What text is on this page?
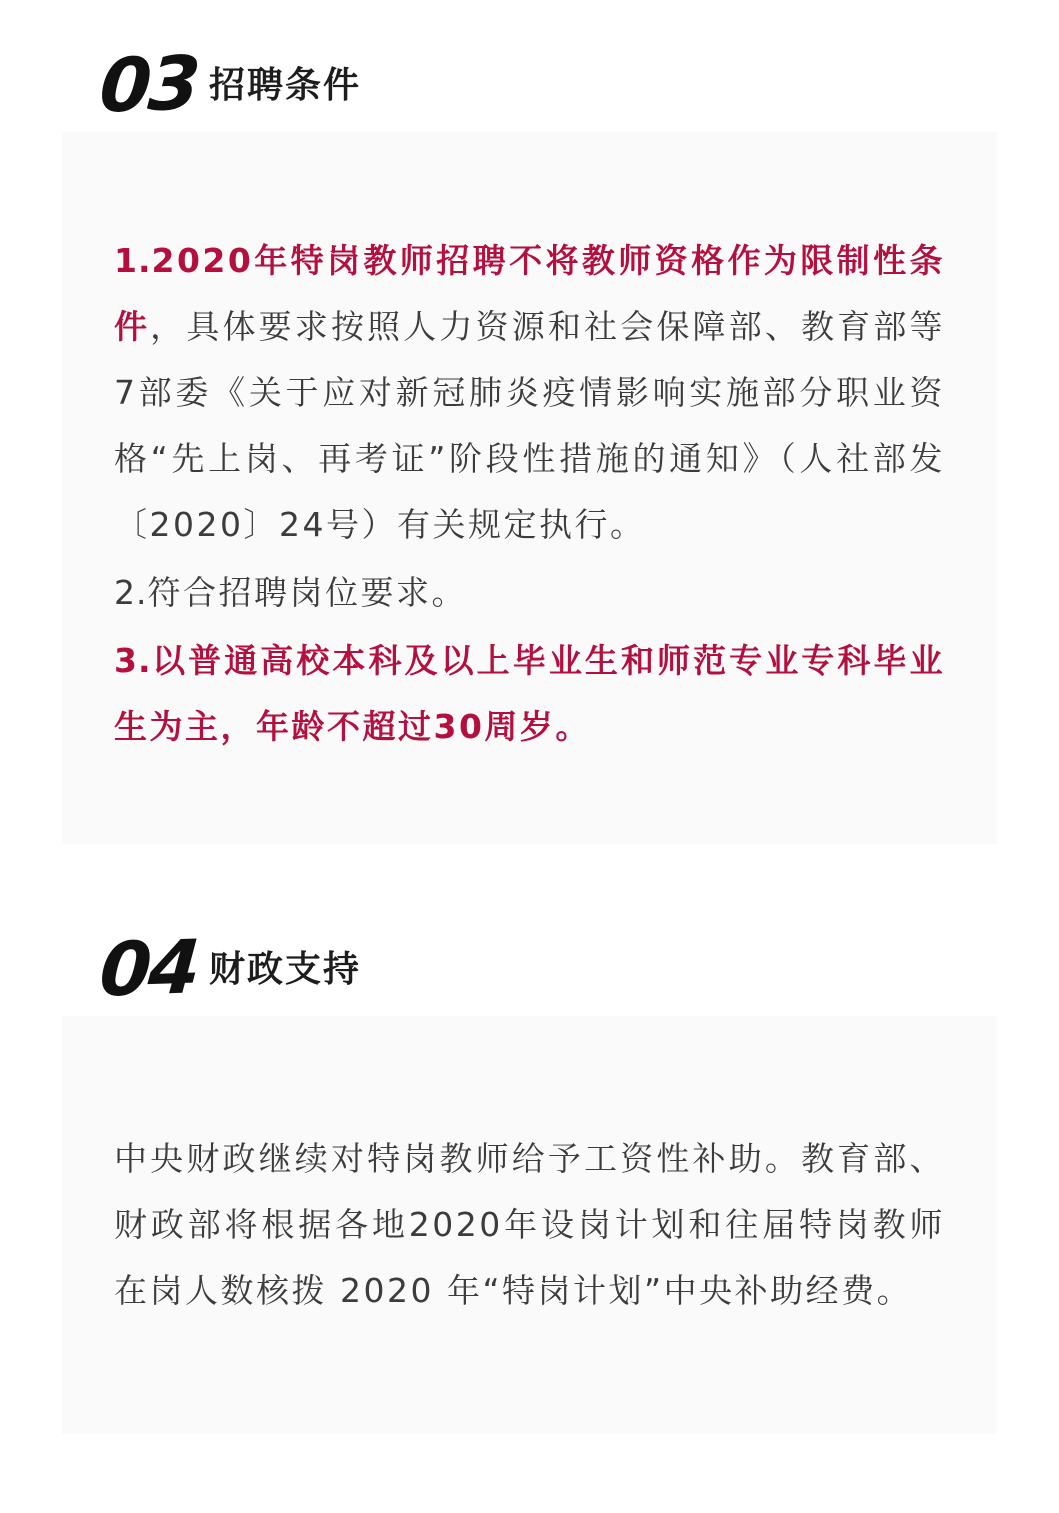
03 招聘条件

1.2020年特岗教师招聘不将教师资格作为限制性条件，具体要求按照人力资源和社会保障部、教育部等7部委《关于应对新冠肺炎疫情影响实施部分职业资格“先上岗、再考证”阶段性措施的通知》（人社部发〔2020〕24号）有关规定执行。

2.符合招聘岗位要求。

3.以普通高校本科及以上毕业生和师范专业专科毕业生为主，年龄不超过30周岁。

04 财政支持

中央财政继续对特岗教师给予工资性补助。教育部、财政部将根据各地2020年设岗计划和往届特岗教师在岗人数核拨 2020 年“特岗计划”中央补助经费。
